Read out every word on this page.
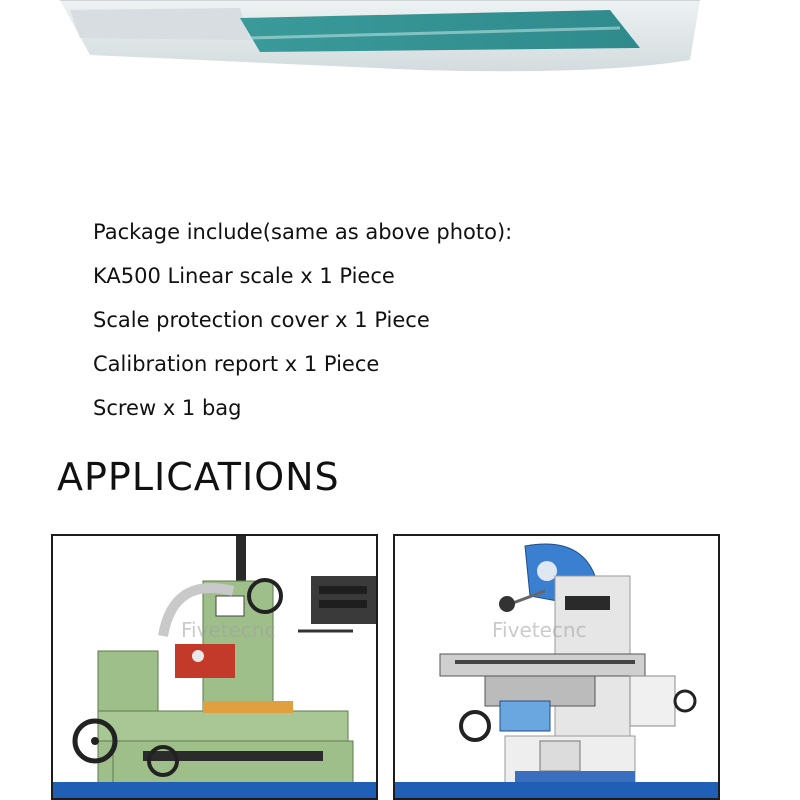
Package include(same as above photo):
KA500 Linear scale x 1 Piece
Scale protection cover x 1 Piece
Calibration report x 1 Piece
Screw x 1 bag
APPLICATIONS
Fivetecnc	Fivetecnc
